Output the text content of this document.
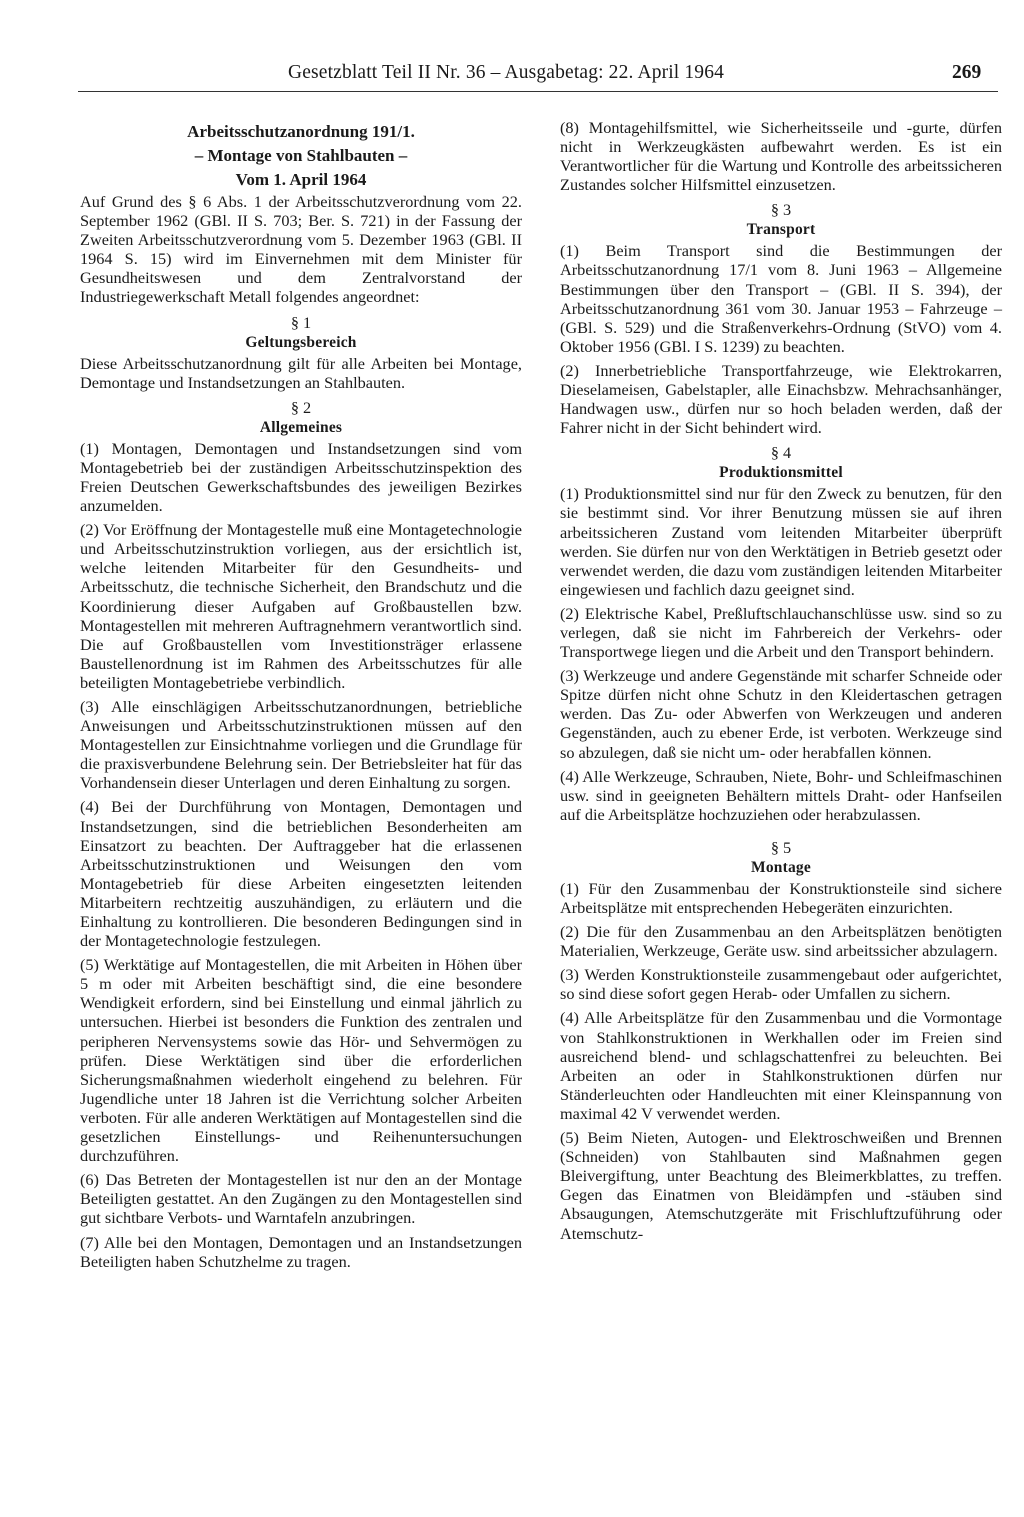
Gesetzblatt Teil II Nr. 36 – Ausgabetag: 22. April 1964	269
Arbeitsschutzanordnung 191/1.
– Montage von Stahlbauten –
Vom 1. April 1964

Auf Grund des § 6 Abs. 1 der Arbeitsschutzverordnung vom 22. September 1962 (GBl. II S. 703; Ber. S. 721) in der Fassung der Zweiten Arbeitsschutzverordnung vom 5. Dezember 1963 (GBl. II 1964 S. 15) wird im Einvernehmen mit dem Minister für Gesundheitswesen und dem Zentralvorstand der Industriegewerkschaft Metall folgendes angeordnet:

§ 1
Geltungsbereich

Diese Arbeitsschutzanordnung gilt für alle Arbeiten bei Montage, Demontage und Instandsetzungen an Stahlbauten.

§ 2
Allgemeines

(1) Montagen, Demontagen und Instandsetzungen sind vom Montagebetrieb bei der zuständigen Arbeitsschutzinspektion des Freien Deutschen Gewerkschaftsbundes des jeweiligen Bezirkes anzumelden.

(2) Vor Eröffnung der Montagestelle muß eine Montagetechnologie und Arbeitsschutzinstruktion vorliegen, aus der ersichtlich ist, welche leitenden Mitarbeiter für den Gesundheits- und Arbeitsschutz, die technische Sicherheit, den Brandschutz und die Koordinierung dieser Aufgaben auf Großbaustellen bzw. Montagestellen mit mehreren Auftragnehmern verantwortlich sind. Die auf Großbaustellen vom Investitionsträger erlassene Baustellenordnung ist im Rahmen des Arbeitsschutzes für alle beteiligten Montagebetriebe verbindlich.

(3) Alle einschlägigen Arbeitsschutzanordnungen, betriebliche Anweisungen und Arbeitsschutzinstruktionen müssen auf den Montagestellen zur Einsichtnahme vorliegen und die Grundlage für die praxisverbundene Belehrung sein. Der Betriebsleiter hat für das Vorhandensein dieser Unterlagen und deren Einhaltung zu sorgen.

(4) Bei der Durchführung von Montagen, Demontagen und Instandsetzungen, sind die betrieblichen Besonderheiten am Einsatzort zu beachten. Der Auftraggeber hat die erlassenen Arbeitsschutzinstruktionen und Weisungen den vom Montagebetrieb für diese Arbeiten eingesetzten leitenden Mitarbeitern rechtzeitig auszuhändigen, zu erläutern und die Einhaltung zu kontrollieren. Die besonderen Bedingungen sind in der Montagetechnologie festzulegen.

(5) Werktätige auf Montagestellen, die mit Arbeiten in Höhen über 5 m oder mit Arbeiten beschäftigt sind, die eine besondere Wendigkeit erfordern, sind bei Einstellung und einmal jährlich zu untersuchen. Hierbei ist besonders die Funktion des zentralen und peripheren Nervensystems sowie das Hör- und Sehvermögen zu prüfen. Diese Werktätigen sind über die erforderlichen Sicherungsmaßnahmen wiederholt eingehend zu belehren. Für Jugendliche unter 18 Jahren ist die Verrichtung solcher Arbeiten verboten. Für alle anderen Werktätigen auf Montagestellen sind die gesetzlichen Einstellungs- und Reihenuntersuchungen durchzuführen.

(6) Das Betreten der Montagestellen ist nur den an der Montage Beteiligten gestattet. An den Zugängen zu den Montagestellen sind gut sichtbare Verbots- und Warntafeln anzubringen.

(7) Alle bei den Montagen, Demontagen und an Instandsetzungen Beteiligten haben Schutzhelme zu tragen.

(8) Montagehilfsmittel, wie Sicherheitsseile und -gurte, dürfen nicht in Werkzeugkästen aufbewahrt werden. Es ist ein Verantwortlicher für die Wartung und Kontrolle des arbeitssicheren Zustandes solcher Hilfsmittel einzusetzen.

§ 3
Transport

(1) Beim Transport sind die Bestimmungen der Arbeitsschutzanordnung 17/1 vom 8. Juni 1963 – Allgemeine Bestimmungen über den Transport – (GBl. II S. 394), der Arbeitsschutzanordnung 361 vom 30. Januar 1953 – Fahrzeuge – (GBl. S. 529) und die Straßenverkehrs-Ordnung (StVO) vom 4. Oktober 1956 (GBl. I S. 1239) zu beachten.

(2) Innerbetriebliche Transportfahrzeuge, wie Elektrokarren, Dieselameisen, Gabelstapler, alle Einachsbzw. Mehrachsanhänger, Handwagen usw., dürfen nur so hoch beladen werden, daß der Fahrer nicht in der Sicht behindert wird.

§ 4
Produktionsmittel

(1) Produktionsmittel sind nur für den Zweck zu benutzen, für den sie bestimmt sind. Vor ihrer Benutzung müssen sie auf ihren arbeitssicheren Zustand vom leitenden Mitarbeiter überprüft werden. Sie dürfen nur von den Werktätigen in Betrieb gesetzt oder verwendet werden, die dazu vom zuständigen leitenden Mitarbeiter eingewiesen und fachlich dazu geeignet sind.

(2) Elektrische Kabel, Preßluftschlauchanschlüsse usw. sind so zu verlegen, daß sie nicht im Fahrbereich der Verkehrs- oder Transportwege liegen und die Arbeit und den Transport behindern.

(3) Werkzeuge und andere Gegenstände mit scharfer Schneide oder Spitze dürfen nicht ohne Schutz in den Kleidertaschen getragen werden. Das Zu- oder Abwerfen von Werkzeugen und anderen Gegenständen, auch zu ebener Erde, ist verboten. Werkzeuge sind so abzulegen, daß sie nicht um- oder herabfallen können.

(4) Alle Werkzeuge, Schrauben, Niete, Bohr- und Schleifmaschinen usw. sind in geeigneten Behältern mittels Draht- oder Hanfseilen auf die Arbeitsplätze hochzuziehen oder herabzulassen.

§ 5
Montage

(1) Für den Zusammenbau der Konstruktionsteile sind sichere Arbeitsplätze mit entsprechenden Hebegeräten einzurichten.

(2) Die für den Zusammenbau an den Arbeitsplätzen benötigten Materialien, Werkzeuge, Geräte usw. sind arbeitssicher abzulagern.

(3) Werden Konstruktionsteile zusammengebaut oder aufgerichtet, so sind diese sofort gegen Herab- oder Umfallen zu sichern.

(4) Alle Arbeitsplätze für den Zusammenbau und die Vormontage von Stahlkonstruktionen in Werkhallen oder im Freien sind ausreichend blend- und schlagschattenfrei zu beleuchten. Bei Arbeiten an oder in Stahlkonstruktionen dürfen nur Ständerleuchten oder Handleuchten mit einer Kleinspannung von maximal 42 V verwendet werden.

(5) Beim Nieten, Autogen- und Elektroschweißen und Brennen (Schneiden) von Stahlbauten sind Maßnahmen gegen Bleivergiftung, unter Beachtung des Bleimerkblattes, zu treffen. Gegen das Einatmen von Bleidämpfen und -stäuben sind Absaugungen, Atemschutzgeräte mit Frischluftzuführung oder Atemschutz-
